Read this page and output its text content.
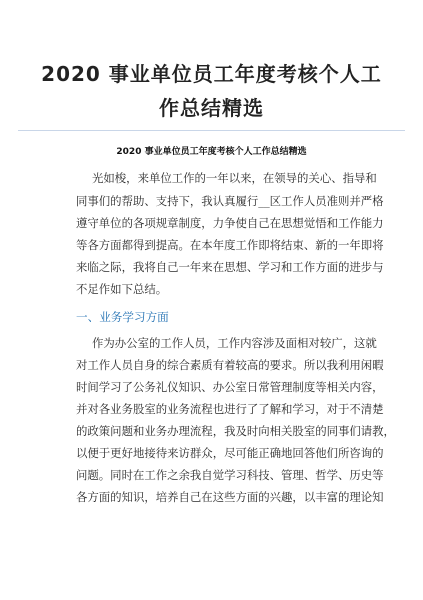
2020 事业单位员工年度考核个人工
作总结精选
2020 事业单位员工年度考核个人工作总结精选
光如梭，来单位工作的一年以来，在领导的关心、指导和
同事们的帮助、支持下，我认真履行__区工作人员准则并严格
遵守单位的各项规章制度，力争使自己在思想觉悟和工作能力
等各方面都得到提高。在本年度工作即将结束、新的一年即将
来临之际，我将自己一年来在思想、学习和工作方面的进步与
不足作如下总结。
一、业务学习方面
作为办公室的工作人员，工作内容涉及面相对较广，这就
对工作人员自身的综合素质有着较高的要求。所以我利用闲暇
时间学习了公务礼仪知识、办公室日常管理制度等相关内容，
并对各业务股室的业务流程也进行了了解和学习，对于不清楚
的政策问题和业务办理流程，我及时向相关股室的同事们请教，
以便于更好地接待来访群众，尽可能正确地回答他们所咨询的
问题。同时在工作之余我自觉学习科技、管理、哲学、历史等
各方面的知识，培养自己在这些方面的兴趣，以丰富的理论知
